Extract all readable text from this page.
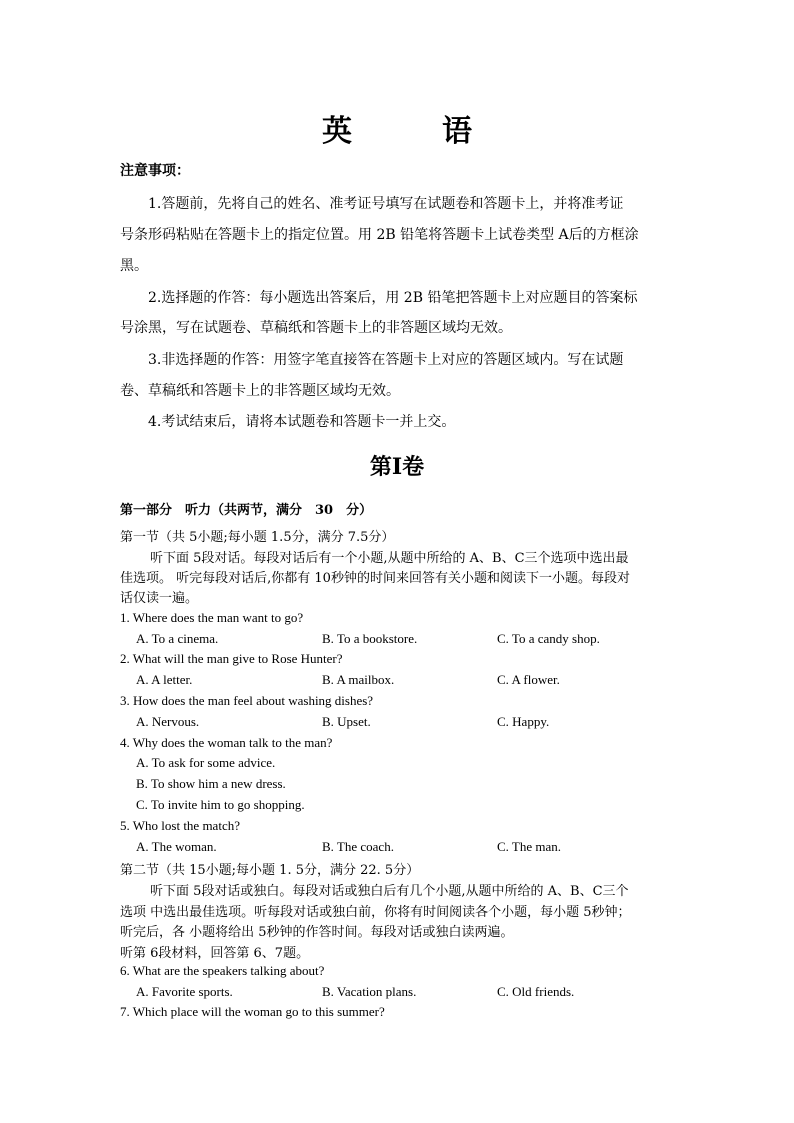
英　语
注意事项：
1.答题前，先将自己的姓名、准考证号填写在试题卷和答题卡上，并将准考证
号条形码粘贴在答题卡上的指定位置。用 2B 铅笔将答题卡上试卷类型 A后的方框涂
黑。
2.选择题的作答：每小题选出答案后，用 2B 铅笔把答题卡上对应题目的答案标
号涂黑，写在试题卷、草稿纸和答题卡上的非答题区域均无效。
3.非选择题的作答：用签字笔直接答在答题卡上对应的答题区域内。写在试题
卷、草稿纸和答题卡上的非答题区域均无效。
4.考试结束后，请将本试题卷和答题卡一并上交。
第Ⅰ卷
第一部分　听力（共两节，满分　30　分）
第一节（共 5小题;每小题 1.5分，满分 7.5分）
听下面 5段对话。每段对话后有一个小题,从题中所给的 A、B、C三个选项中选出最
佳选项。 听完每段对话后,你都有 10秒钟的时间来回答有关小题和阅读下一小题。每段对
话仅读一遍。
1. Where does the man want to go?
A. To a cinema.	B. To a bookstore.	C. To a candy shop.
2. What will the man give to Rose Hunter?
A. A letter.	B. A mailbox.	C. A flower.
3. How does the man feel about washing dishes?
A. Nervous.	B. Upset.	C. Happy.
4. Why does the woman talk to the man?
A. To ask for some advice.
B. To show him a new dress.
C. To invite him to go shopping.
5. Who lost the match?
A. The woman.	B. The coach.	C. The man.
第二节（共 15小题;每小题 1. 5分，满分 22. 5分）
听下面 5段对话或独白。每段对话或独白后有几个小题,从题中所给的 A、B、C三个
选项 中选出最佳选项。听每段对话或独白前，你将有时间阅读各个小题，每小题 5秒钟；
听完后，各 小题将给出 5秒钟的作答时间。每段对话或独白读两遍。
听第 6段材料，回答第 6、7题。
6. What are the speakers talking about?
A. Favorite sports.	B. Vacation plans.	C. Old friends.
7. Which place will the woman go to this summer?
